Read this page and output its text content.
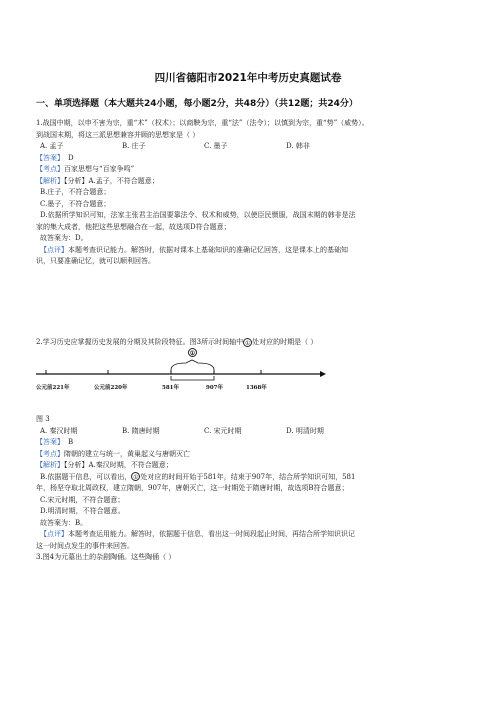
四川省德阳市2021年中考历史真题试卷
一、单项选择题（本大题共24小题，每小题2分，共48分）（共12题；共24分）
1.战国中期，以申不害为宗，重“术”（权术）；以商鞅为宗，重“法”（法令）；以慎到为宗，重“势”（威势）。
到战国末期，将这三派思想兼容并顾的思想家是（ ）
A. 孟子	B. 庄子	C. 墨子	D. 韩非
【答案】 D
【考点】百家思想与“百家争鸣”
【解析】【分析】A.孟子，不符合题意；
B.庄子，不符合题意；
C.墨子，不符合题意；
D.依据所学知识可知，法家主张君主治国要靠法令、权术和威势，以使臣民慑服，战国末期的韩非是法
家的集大成者，他把这些思想融合在一起，故选项D符合题意；
故答案为：D。
【点评】本题考查识记能力。解答时，依据对课本上基础知识的准确记忆回答，这是课本上的基础知
识，只要准确记忆，就可以顺利回答。
2.学习历史应掌握历史发展的分期及其阶段特征。图3所示时间轴中 ① 处对应的时期是（ ）
①
公元前221年	公元前220年	581年	907年	1368年
图 3
A. 秦汉时期	B. 隋唐时期	C. 宋元时期	D. 明清时期
【答案】 B
【考点】隋朝的建立与统一，黄巢起义与唐朝灭亡
【解析】【分析】A.秦汉时期，不符合题意；
B.依据题干信息，可以看出， ① 处对应的时间开始于581年，结束于907年，结合所学知识可知，581
年，杨坚夺取北周政权，建立隋朝，907年，唐朝灭亡，这一时期处于隋唐时期，故选项B符合题意；
C.宋元时期，不符合题意；
D.明清时期，不符合题意。
故答案为：B。
【点评】本题考查运用能力。解答时，依据题干信息，看出这一时间段起止时间，再结合所学知识识记
这一时间点发生的事件来回答。
3.图4为元墓出土的杂剧陶俑。这些陶俑（ ）
